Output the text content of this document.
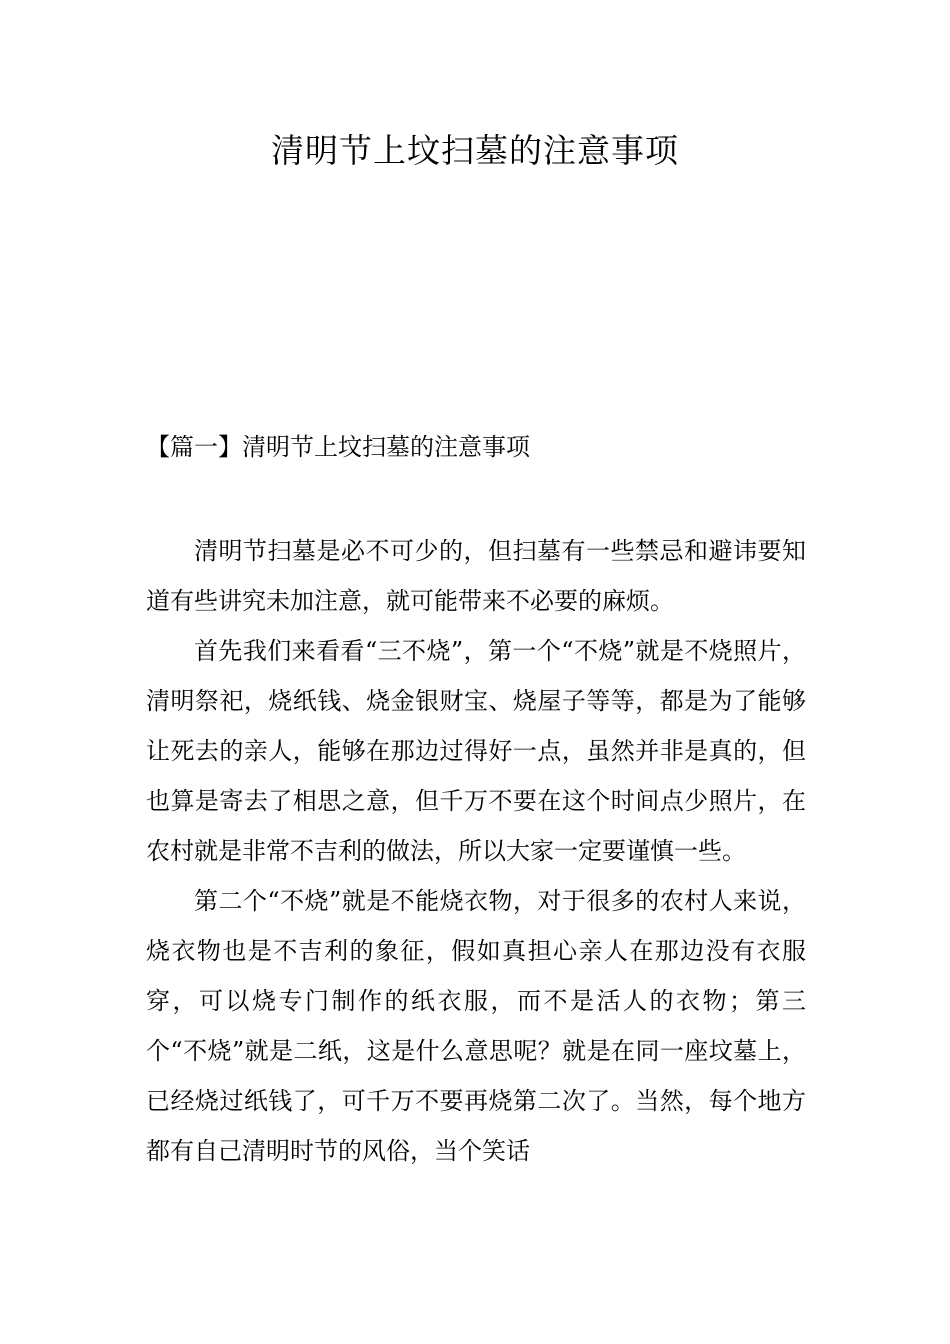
清明节上坟扫墓的注意事项
【篇一】清明节上坟扫墓的注意事项

清明节扫墓是必不可少的，但扫墓有一些禁忌和避讳要知道有些讲究未加注意，就可能带来不必要的麻烦。

首先我们来看看“三不烧”，第一个“不烧”就是不烧照片，清明祭祀，烧纸钱、烧金银财宝、烧屋子等等，都是为了能够让死去的亲人，能够在那边过得好一点，虽然并非是真的，但也算是寄去了相思之意，但千万不要在这个时间点少照片，在农村就是非常不吉利的做法，所以大家一定要谨慎一些。

第二个“不烧”就是不能烧衣物，对于很多的农村人来说，烧衣物也是不吉利的象征，假如真担心亲人在那边没有衣服穿，可以烧专门制作的纸衣服，而不是活人的衣物；第三个“不烧”就是二纸，这是什么意思呢？就是在同一座坟墓上，已经烧过纸钱了，可千万不要再烧第二次了。当然，每个地方都有自己清明时节的风俗，当个笑话
